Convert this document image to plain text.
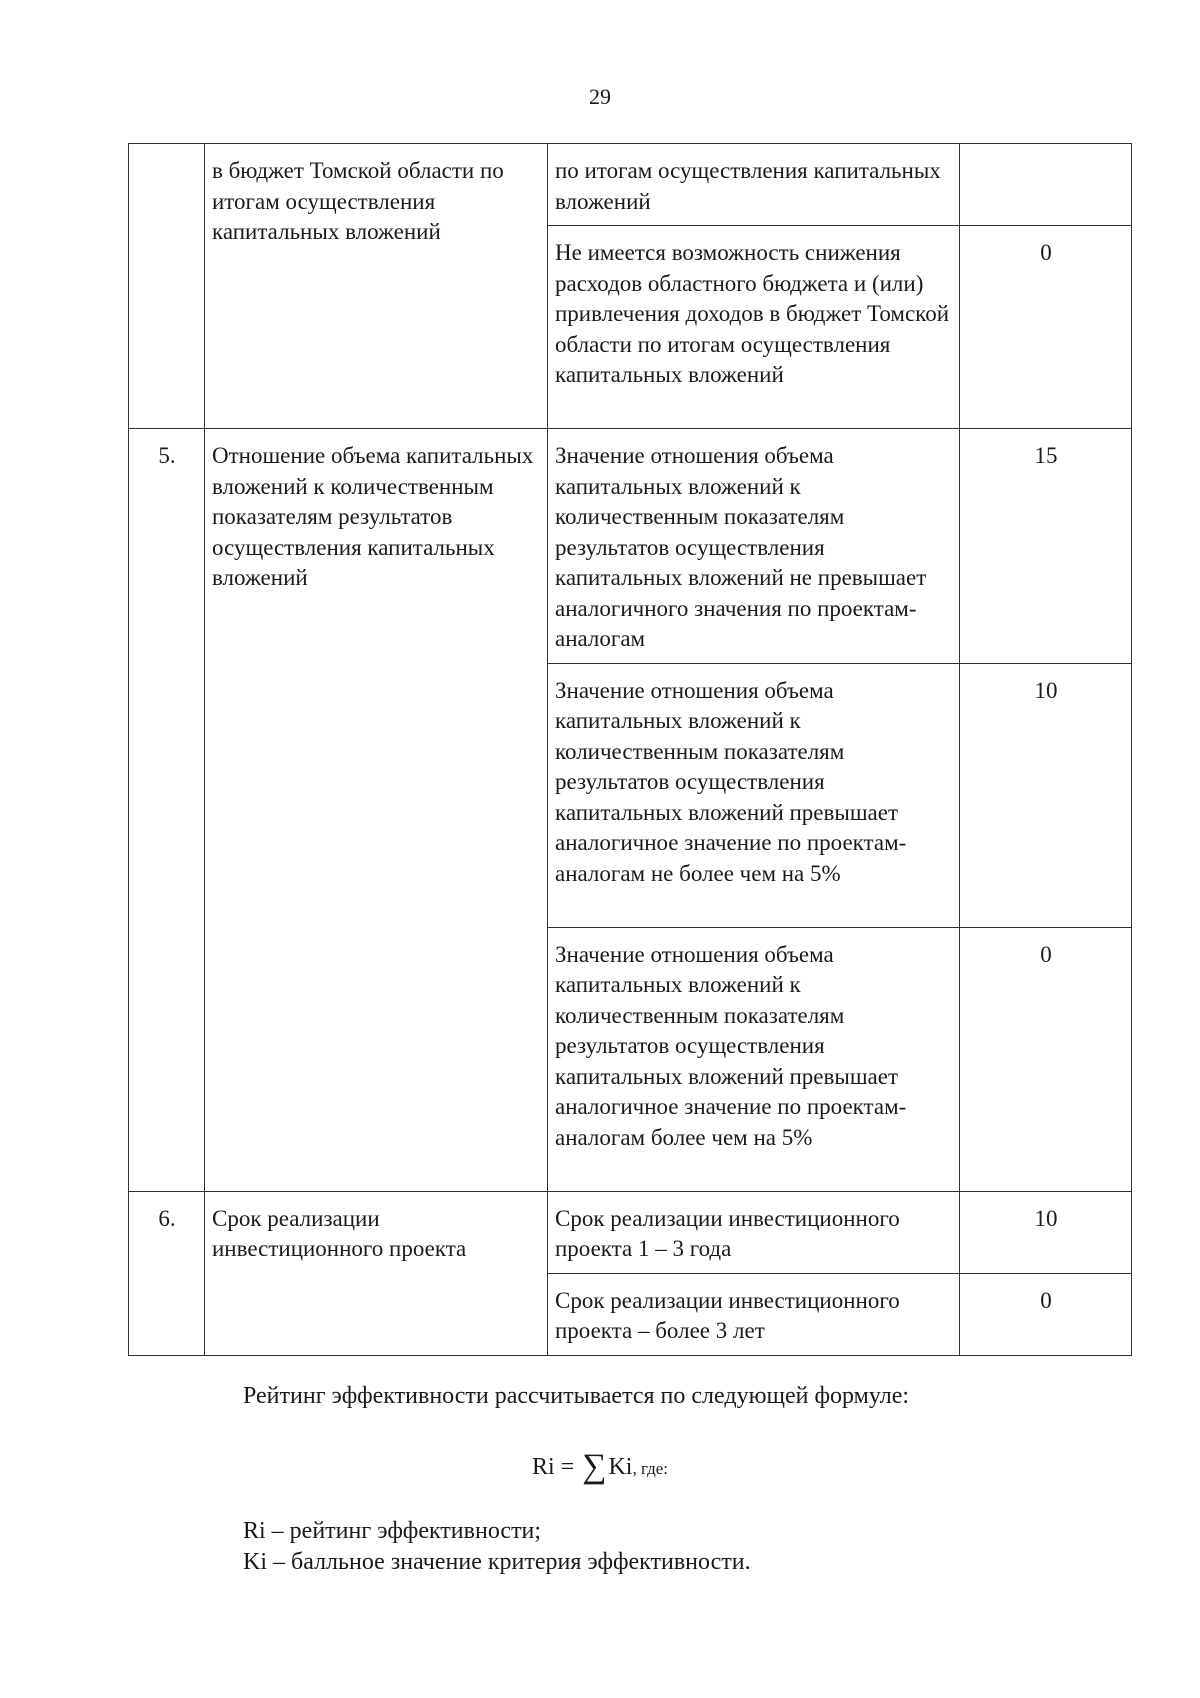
29
	в бюджет Томской области по итогам осуществления капитальных вложений	по итогам осуществления капитальных вложений	
		Не имеется возможность снижения расходов областного бюджета и (или) привлечения доходов в бюджет Томской области по итогам осуществления капитальных вложений	0
5.	Отношение объема капитальных вложений к количественным показателям результатов осуществления капитальных вложений	Значение отношения объема капитальных вложений к количественным показателям результатов осуществления капитальных вложений не превышает аналогичного значения по проектам-аналогам	15
		Значение отношения объема капитальных вложений к количественным показателям результатов осуществления капитальных вложений превышает аналогичное значение по проектам-аналогам не более чем на 5%	10
		Значение отношения объема капитальных вложений к количественным показателям результатов осуществления капитальных вложений превышает аналогичное значение по проектам-аналогам более чем на 5%	0
6.	Срок реализации инвестиционного проекта	Срок реализации инвестиционного проекта 1 – 3 года	10
		Срок реализации инвестиционного проекта – более 3 лет	0
Рейтинг эффективности рассчитывается по следующей формуле:
Ri = ∑Ki, где:
Ri – рейтинг эффективности;
Ki – балльное значение критерия эффективности.
